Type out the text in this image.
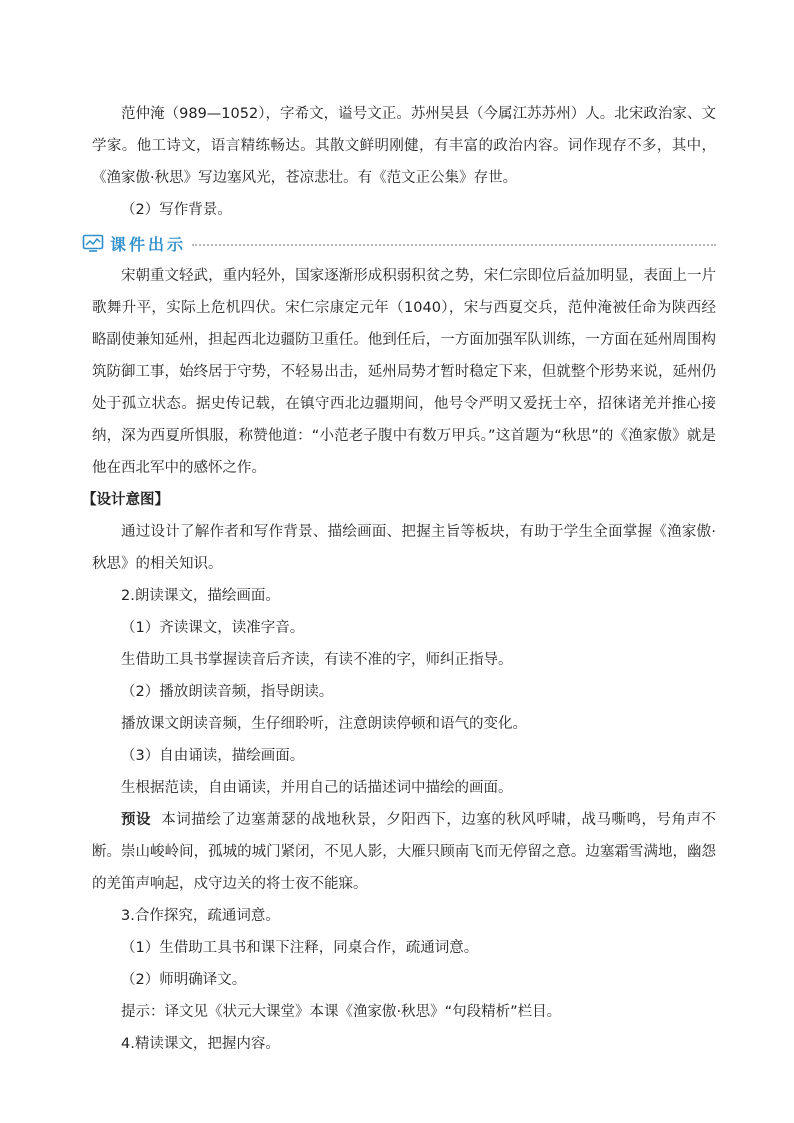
范仲淹（989—1052），字希文，谥号文正。苏州吴县（今属江苏苏州）人。北宋政治家、文学家。他工诗文，语言精练畅达。其散文鲜明刚健，有丰富的政治内容。词作现存不多，其中，《渔家傲·秋思》写边塞风光，苍凉悲壮。有《范文正公集》存世。

（2）写作背景。

课件出示

宋朝重文轻武，重内轻外，国家逐渐形成积弱积贫之势，宋仁宗即位后益加明显，表面上一片歌舞升平，实际上危机四伏。宋仁宗康定元年（1040），宋与西夏交兵，范仲淹被任命为陕西经略副使兼知延州，担起西北边疆防卫重任。他到任后，一方面加强军队训练，一方面在延州周围构筑防御工事，始终居于守势，不轻易出击，延州局势才暂时稳定下来，但就整个形势来说，延州仍处于孤立状态。据史传记载，在镇守西北边疆期间，他号令严明又爱抚士卒，招徕诸羌并推心接纳，深为西夏所惧服，称赞他道：“小范老子腹中有数万甲兵。”这首题为“秋思”的《渔家傲》就是他在西北军中的感怀之作。

【设计意图】

通过设计了解作者和写作背景、描绘画面、把握主旨等板块，有助于学生全面掌握《渔家傲·秋思》的相关知识。

2.朗读课文，描绘画面。

（1）齐读课文，读准字音。

生借助工具书掌握读音后齐读，有读不准的字，师纠正指导。

（2）播放朗读音频，指导朗读。

播放课文朗读音频，生仔细聆听，注意朗读停顿和语气的变化。

（3）自由诵读，描绘画面。

生根据范读，自由诵读，并用自己的话描述词中描绘的画面。

预设 本词描绘了边塞萧瑟的战地秋景，夕阳西下，边塞的秋风呼啸，战马嘶鸣，号角声不断。崇山峻岭间，孤城的城门紧闭，不见人影，大雁只顾南飞而无停留之意。边塞霜雪满地，幽怨的羌笛声响起，戍守边关的将士夜不能寐。

3.合作探究，疏通词意。

（1）生借助工具书和课下注释，同桌合作，疏通词意。

（2）师明确译文。

提示：译文见《状元大课堂》本课《渔家傲·秋思》“句段精析”栏目。

4.精读课文，把握内容。
